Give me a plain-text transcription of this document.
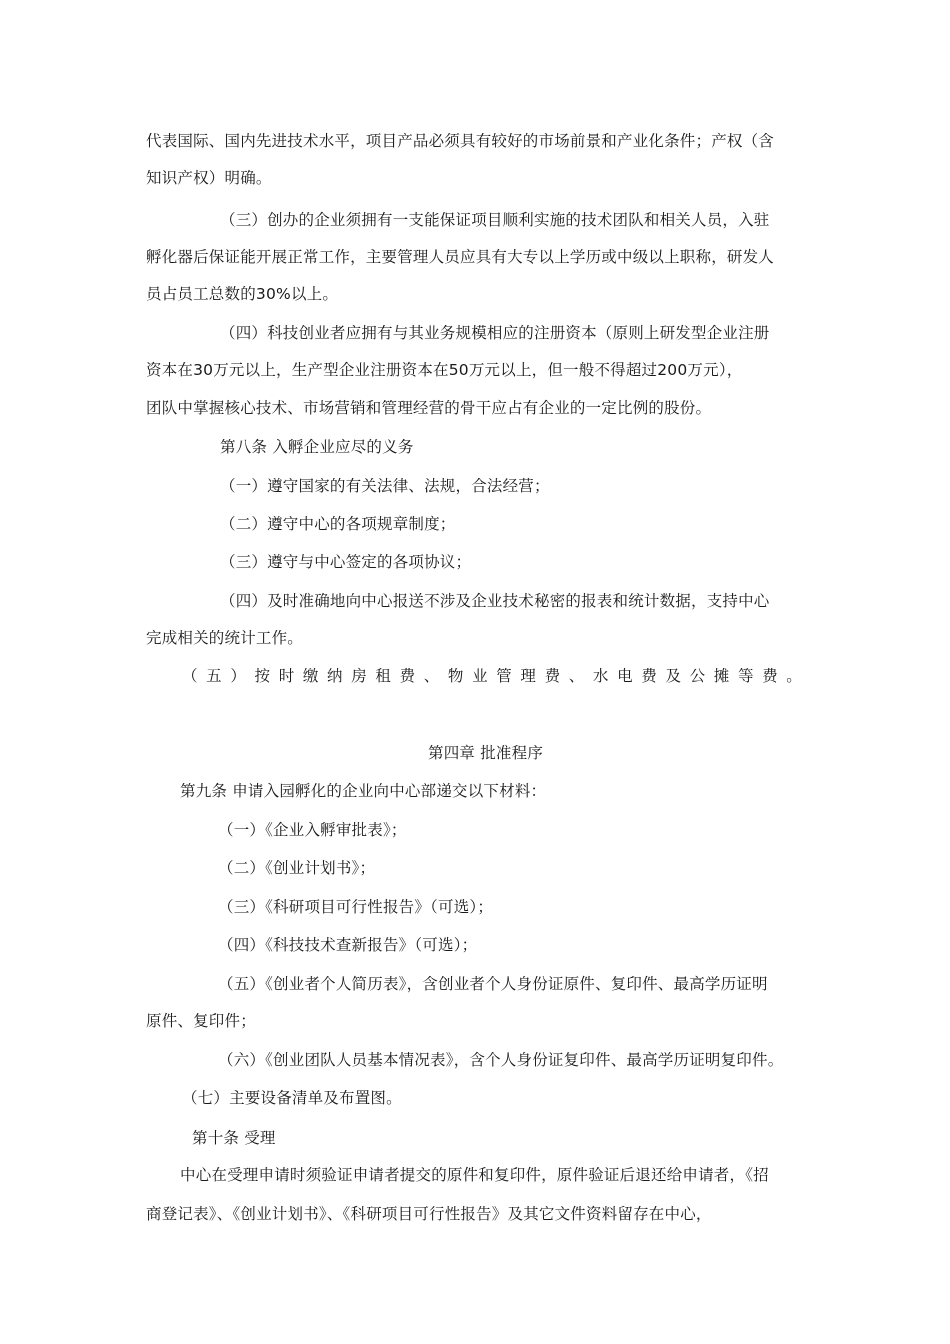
代表国际、国内先进技术水平，项目产品必须具有较好的市场前景和产业化条件；产权（含
知识产权）明确。
（三）创办的企业须拥有一支能保证项目顺利实施的技术团队和相关人员，入驻
孵化器后保证能开展正常工作，主要管理人员应具有大专以上学历或中级以上职称，研发人
员占员工总数的30%以上。
（四）科技创业者应拥有与其业务规模相应的注册资本（原则上研发型企业注册
资本在30万元以上，生产型企业注册资本在50万元以上，但一般不得超过200万元），
团队中掌握核心技术、市场营销和管理经营的骨干应占有企业的一定比例的股份。
第八条 入孵企业应尽的义务
（一）遵守国家的有关法律、法规，合法经营；
（二）遵守中心的各项规章制度；
（三）遵守与中心签定的各项协议；
（四）及时准确地向中心报送不涉及企业技术秘密的报表和统计数据，支持中心
完成相关的统计工作。
（ 五 ） 按 时 缴 纳 房 租 费 、 物 业 管 理 费 、 水 电 费 及 公 摊 等 费 。
第四章 批准程序
第九条 申请入园孵化的企业向中心部递交以下材料：
（一）《企业入孵审批表》；
（二）《创业计划书》；
（三）《科研项目可行性报告》（可选）；
（四）《科技技术查新报告》（可选）；
（五）《创业者个人简历表》，含创业者个人身份证原件、复印件、最高学历证明
原件、复印件；
（六）《创业团队人员基本情况表》，含个人身份证复印件、最高学历证明复印件。
（七）主要设备清单及布置图。
第十条 受理
中心在受理申请时须验证申请者提交的原件和复印件，原件验证后退还给申请者，《招
商登记表》、《创业计划书》、《科研项目可行性报告》及其它文件资料留存在中心，
